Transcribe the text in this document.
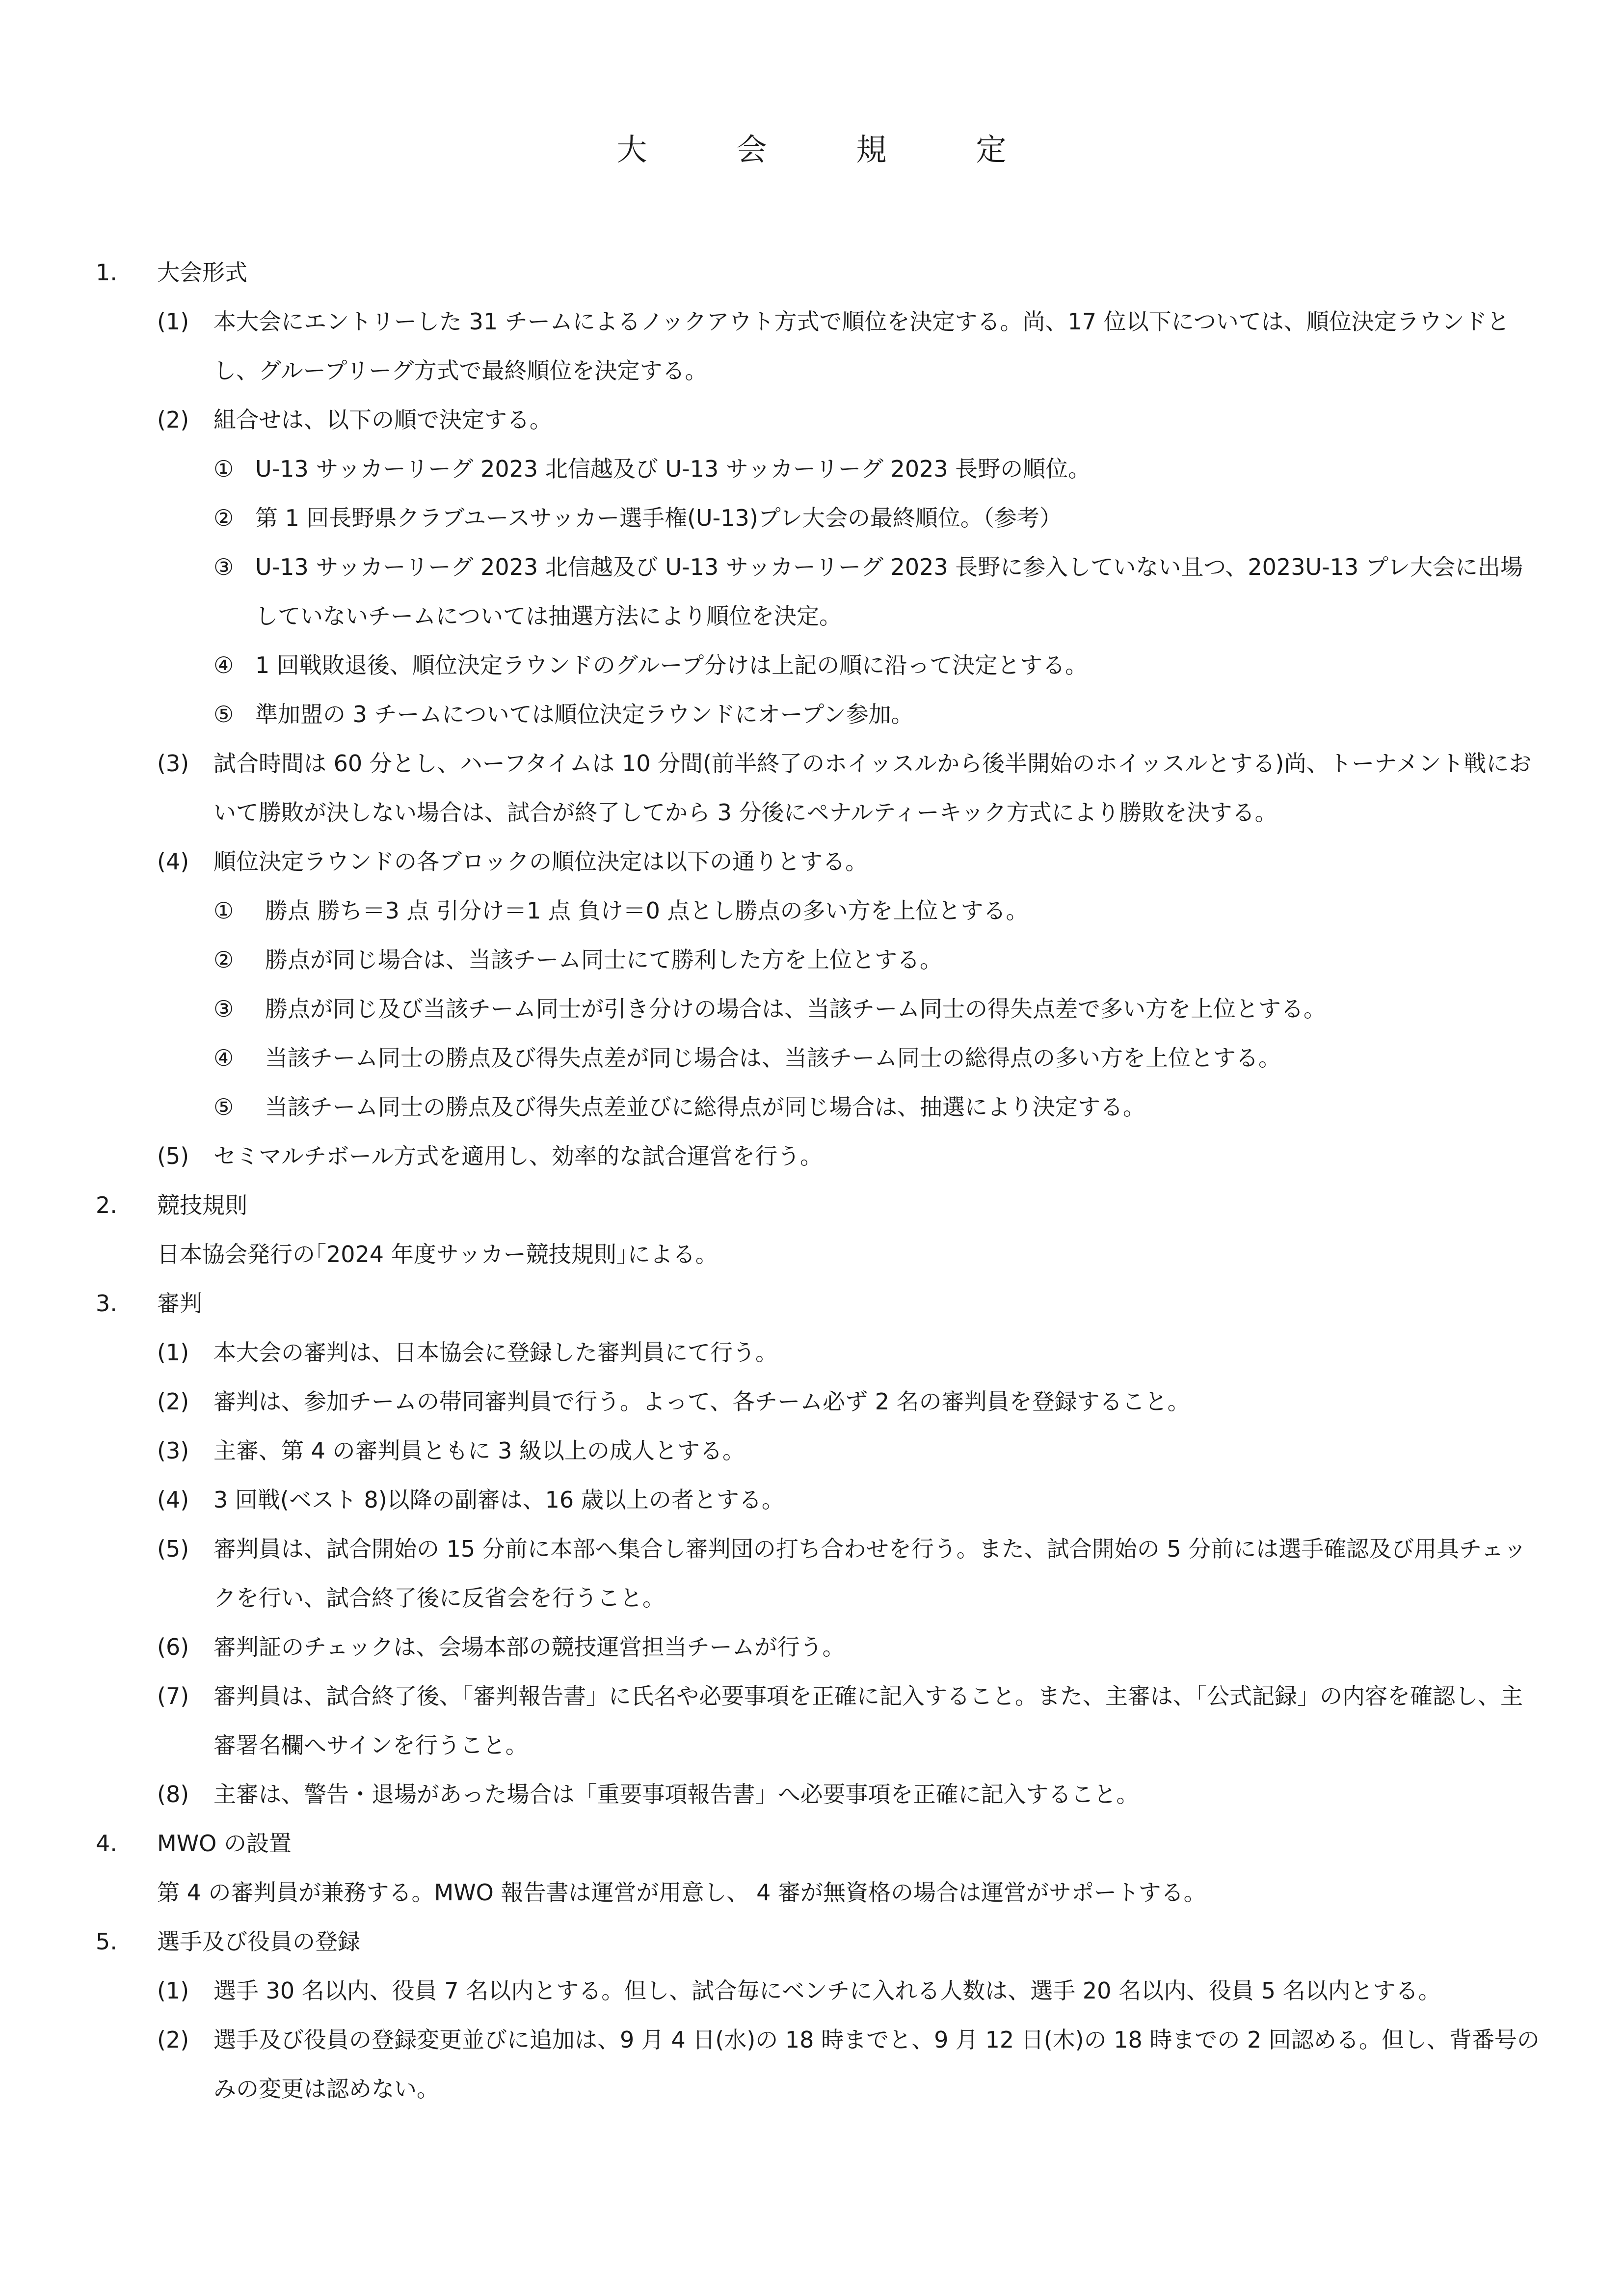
大　会　規　定
1. 大会形式
(1) 本大会にエントリーした 31 チームによるノックアウト方式で順位を決定する。尚、17 位以下については、順位決定ラウンドとし、グループリーグ方式で最終順位を決定する。
(2) 組合せは、以下の順で決定する。
① U-13 サッカーリーグ 2023 北信越及び U-13 サッカーリーグ 2023 長野の順位。
② 第 1 回長野県クラブユースサッカー選手権(U-13)プレ大会の最終順位。（参考）
③ U-13 サッカーリーグ 2023 北信越及び U-13 サッカーリーグ 2023 長野に参入していない且つ、2023U-13 プレ大会に出場していないチームについては抽選方法により順位を決定。
④ 1 回戦敗退後、順位決定ラウンドのグループ分けは上記の順に沿って決定とする。
⑤ 準加盟の 3 チームについては順位決定ラウンドにオープン参加。
(3) 試合時間は 60 分とし、ハーフタイムは 10 分間(前半終了のホイッスルから後半開始のホイッスルとする)尚、トーナメント戦において勝敗が決しない場合は、試合が終了してから 3 分後にペナルティーキック方式により勝敗を決する。
(4) 順位決定ラウンドの各ブロックの順位決定は以下の通りとする。
① 勝点 勝ち＝3 点 引分け＝1 点 負け＝0 点とし勝点の多い方を上位とする。
② 勝点が同じ場合は、当該チーム同士にて勝利した方を上位とする。
③ 勝点が同じ及び当該チーム同士が引き分けの場合は、当該チーム同士の得失点差で多い方を上位とする。
④ 当該チーム同士の勝点及び得失点差が同じ場合は、当該チーム同士の総得点の多い方を上位とする。
⑤ 当該チーム同士の勝点及び得失点差並びに総得点が同じ場合は、抽選により決定する。
(5) セミマルチボール方式を適用し、効率的な試合運営を行う。
2. 競技規則
日本協会発行の｢2024 年度サッカー競技規則｣による。
3. 審判
(1) 本大会の審判は、日本協会に登録した審判員にて行う。
(2) 審判は、参加チームの帯同審判員で行う。よって、各チーム必ず 2 名の審判員を登録すること。
(3) 主審、第 4 の審判員ともに 3 級以上の成人とする。
(4) 3 回戦(ベスト 8)以降の副審は、16 歳以上の者とする。
(5) 審判員は、試合開始の 15 分前に本部へ集合し審判団の打ち合わせを行う。また、試合開始の 5 分前には選手確認及び用具チェックを行い、試合終了後に反省会を行うこと。
(6) 審判証のチェックは、会場本部の競技運営担当チームが行う。
(7) 審判員は、試合終了後、「審判報告書」に氏名や必要事項を正確に記入すること。また、主審は、「公式記録」の内容を確認し、主審署名欄へサインを行うこと。
(8) 主審は、警告・退場があった場合は「重要事項報告書」へ必要事項を正確に記入すること。
4. MWO の設置
第 4 の審判員が兼務する。MWO 報告書は運営が用意し、 4 審が無資格の場合は運営がサポートする。
5. 選手及び役員の登録
(1) 選手 30 名以内、役員 7 名以内とする。但し、試合毎にベンチに入れる人数は、選手 20 名以内、役員 5 名以内とする。
(2) 選手及び役員の登録変更並びに追加は、9 月 4 日(水)の 18 時までと、9 月 12 日(木)の 18 時までの 2 回認める。但し、背番号のみの変更は認めない。
